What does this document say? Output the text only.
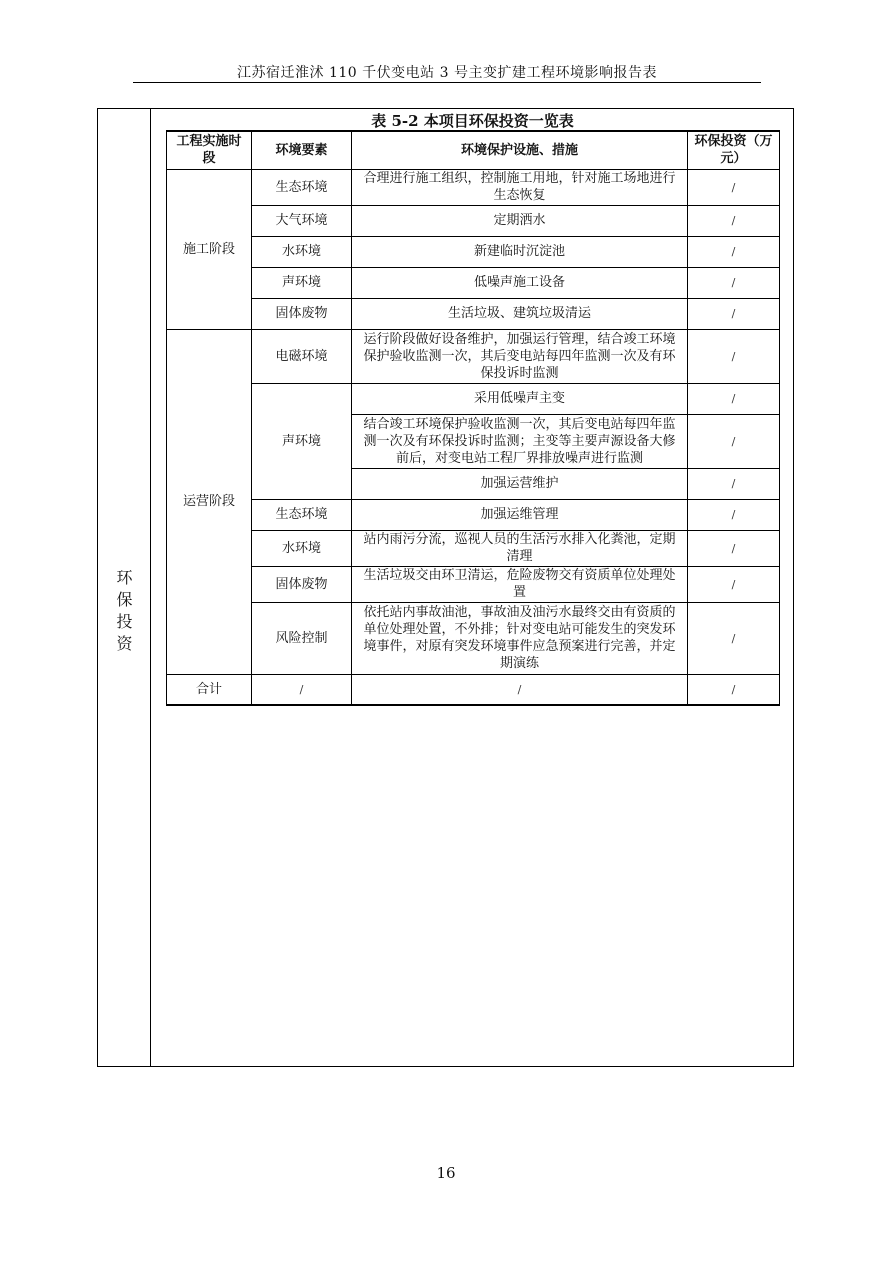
江苏宿迁淮沭 110 千伏变电站 3 号主变扩建工程环境影响报告表
环保投资
表 5-2 本项目环保投资一览表
工程实施时段	环境要素	环境保护设施、措施	环保投资（万元）
施工阶段	生态环境	合理进行施工组织，控制施工用地，针对施工场地进行生态恢复	/
	大气环境	定期洒水	/
	水环境	新建临时沉淀池	/
	声环境	低噪声施工设备	/
	固体废物	生活垃圾、建筑垃圾清运	/
运营阶段	电磁环境	运行阶段做好设备维护，加强运行管理，结合竣工环境保护验收监测一次，其后变电站每四年监测一次及有环保投诉时监测	/
	声环境	采用低噪声主变	/
		结合竣工环境保护验收监测一次，其后变电站每四年监测一次及有环保投诉时监测；主变等主要声源设备大修前后，对变电站工程厂界排放噪声进行监测	/
		加强运营维护	/
	生态环境	加强运维管理	/
	水环境	站内雨污分流，巡视人员的生活污水排入化粪池，定期清理	/
	固体废物	生活垃圾交由环卫清运，危险废物交有资质单位处理处置	/
	风险控制	依托站内事故油池，事故油及油污水最终交由有资质的单位处理处置，不外排；针对变电站可能发生的突发环境事件，对原有突发环境事件应急预案进行完善，并定期演练	/
合计	/	/	/
16
